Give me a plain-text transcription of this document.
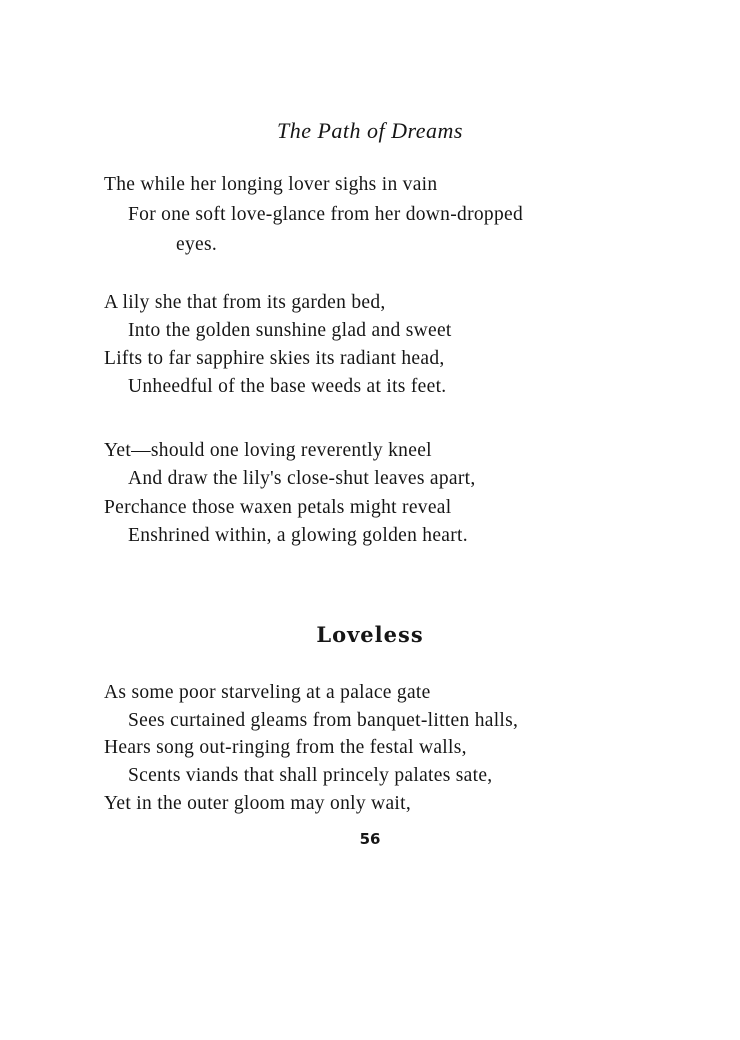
The Path of Dreams
The while her longing lover sighs in vain
For one soft love-glance from her down-dropped
eyes.
A lily she that from its garden bed,
Into the golden sunshine glad and sweet
Lifts to far sapphire skies its radiant head,
Unheedful of the base weeds at its feet.
Yet—should one loving reverently kneel
And draw the lily's close-shut leaves apart,
Perchance those waxen petals might reveal
Enshrined within, a glowing golden heart.
Loveless
As some poor starveling at a palace gate
Sees curtained gleams from banquet-litten halls,
Hears song out-ringing from the festal walls,
Scents viands that shall princely palates sate,
Yet in the outer gloom may only wait,
56
